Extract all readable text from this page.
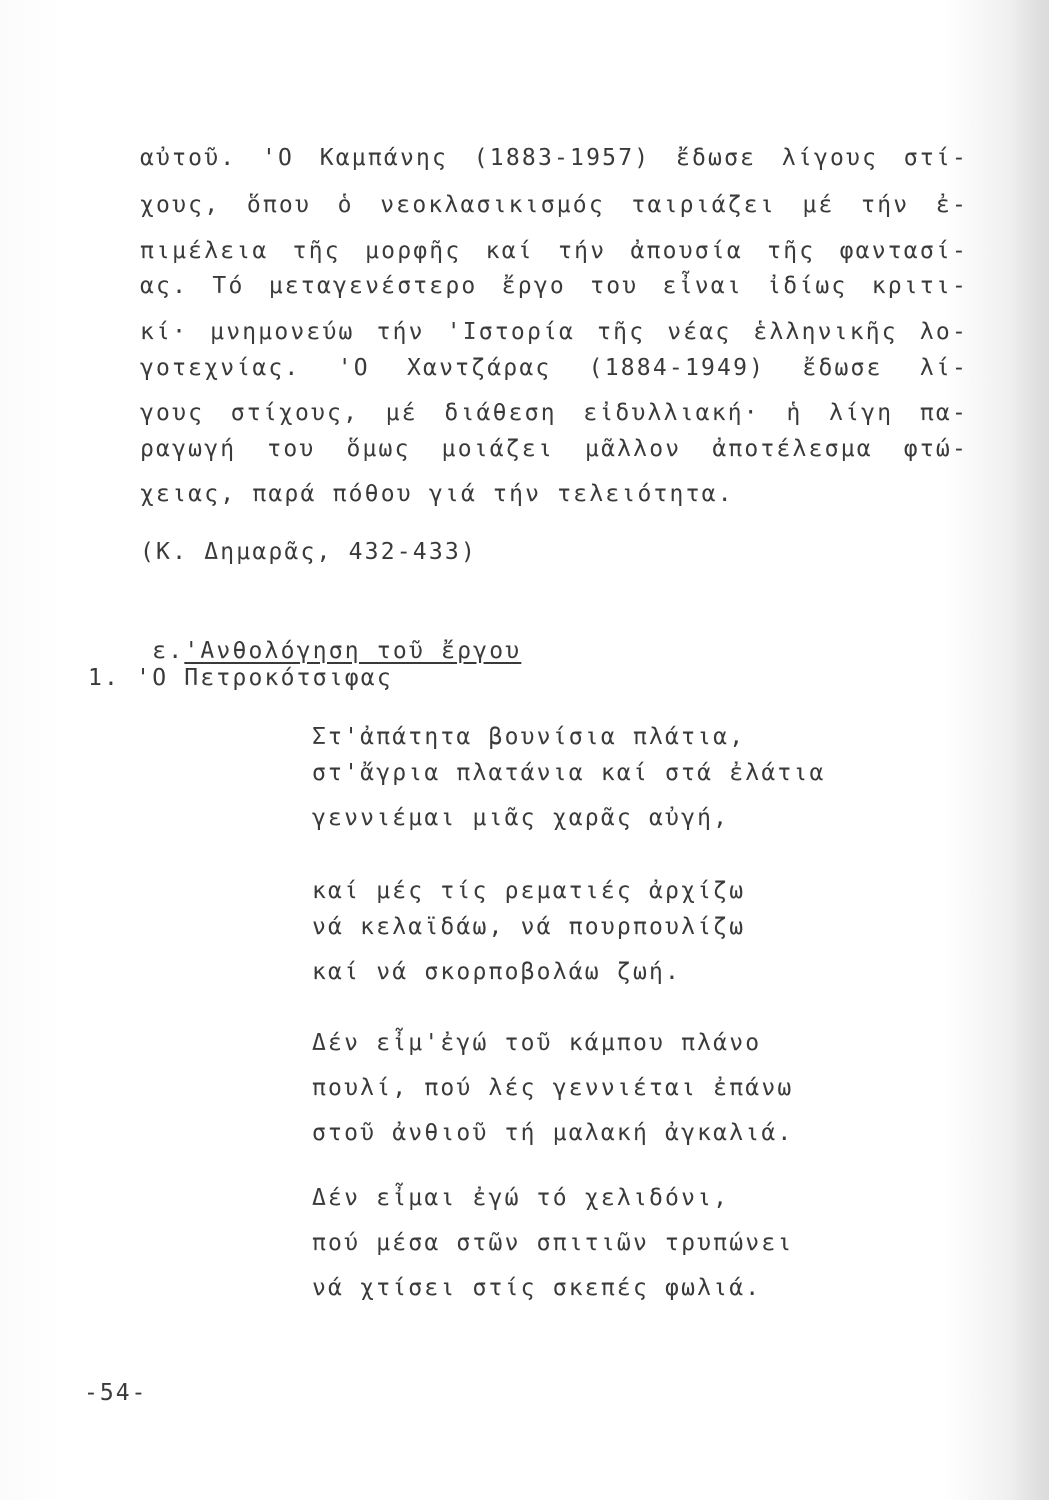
αὐτοῦ. 'Ο Καμπάνης (1883-1957) ἔδωσε λίγους στί-
χους, ὅπου ὁ νεοκλασικισμός ταιριάζει μέ τήν ἐ-
πιμέλεια τῆς μορφῆς καί τήν ἀπουσία τῆς φαντασί-
ας. Τό μεταγενέστερο ἔργο του εἶναι ἰδίως κριτι-
κί· μνημονεύω τήν 'Ιστορία τῆς νέας ἑλληνικῆς λο-
γοτεχνίας. 'Ο Χαντζάρας (1884-1949) ἔδωσε λί-
γους στίχους, μέ διάθεση εἰδυλλιακή· ἡ λίγη πα-
ραγωγή του ὅμως μοιάζει μᾶλλον ἀποτέλεσμα φτώ-
χειας, παρά πόθου γιά τήν τελειότητα.
(Κ. Δημαρᾶς, 432-433)

ε.'Ανθολόγηση τοῦ ἔργου

1. 'Ο Πετροκότσιφας
Στ'ἀπάτητα βουνίσια πλάτια,
στ'ἄγρια πλατάνια καί στά ἐλάτια
γεννιέμαι μιᾶς χαρᾶς αὐγή,
καί μές τίς ρεματιές ἀρχίζω
νά κελαϊδάω, νά πουρπουλίζω
καί νά σκορποβολάω ζωή.
Δέν εἶμ'ἐγώ τοῦ κάμπου πλάνο
πουλί, πού λές γεννιέται ἐπάνω
στοῦ ἀνθιοῦ τή μαλακή ἀγκαλιά.
Δέν εἶμαι ἐγώ τό χελιδόνι,
πού μέσα στῶν σπιτιῶν τρυπώνει
νά χτίσει στίς σκεπές φωλιά.
-54-
